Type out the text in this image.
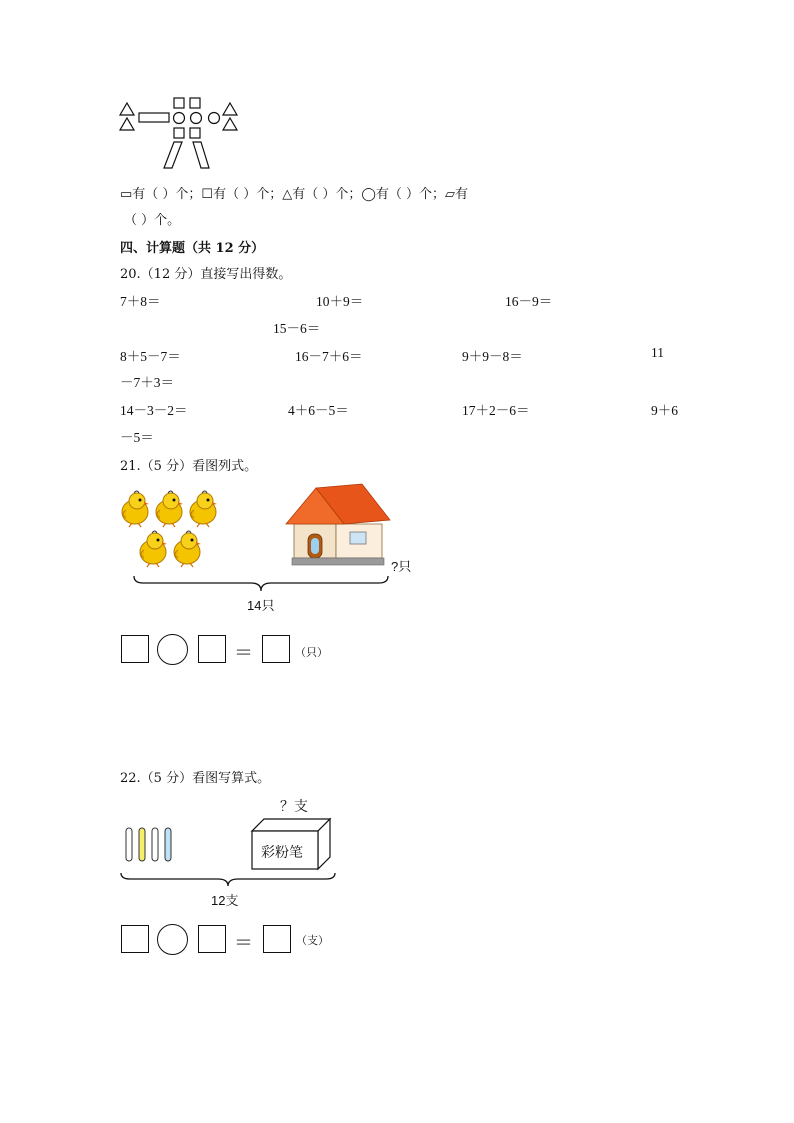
▭有（ ）个；☐有（ ）个；△有（ ）个；◯有（ ）个；▱有
（ ）个。
四、计算题（共 12 分）
20.（12 分）直接写出得数。
7＋8＝	10＋9＝	16－9＝
15－6＝
8＋5－7＝	16－7＋6＝	9＋9－8＝	11
－7＋3＝
14－3－2＝	4＋6－5＝	17＋2－6＝	9＋6
－5＝
21.（5 分）看图列式。
?只
14只
＝	（只）
22.（5 分）看图写算式。
？支
彩粉笔
12支
＝	（支）
